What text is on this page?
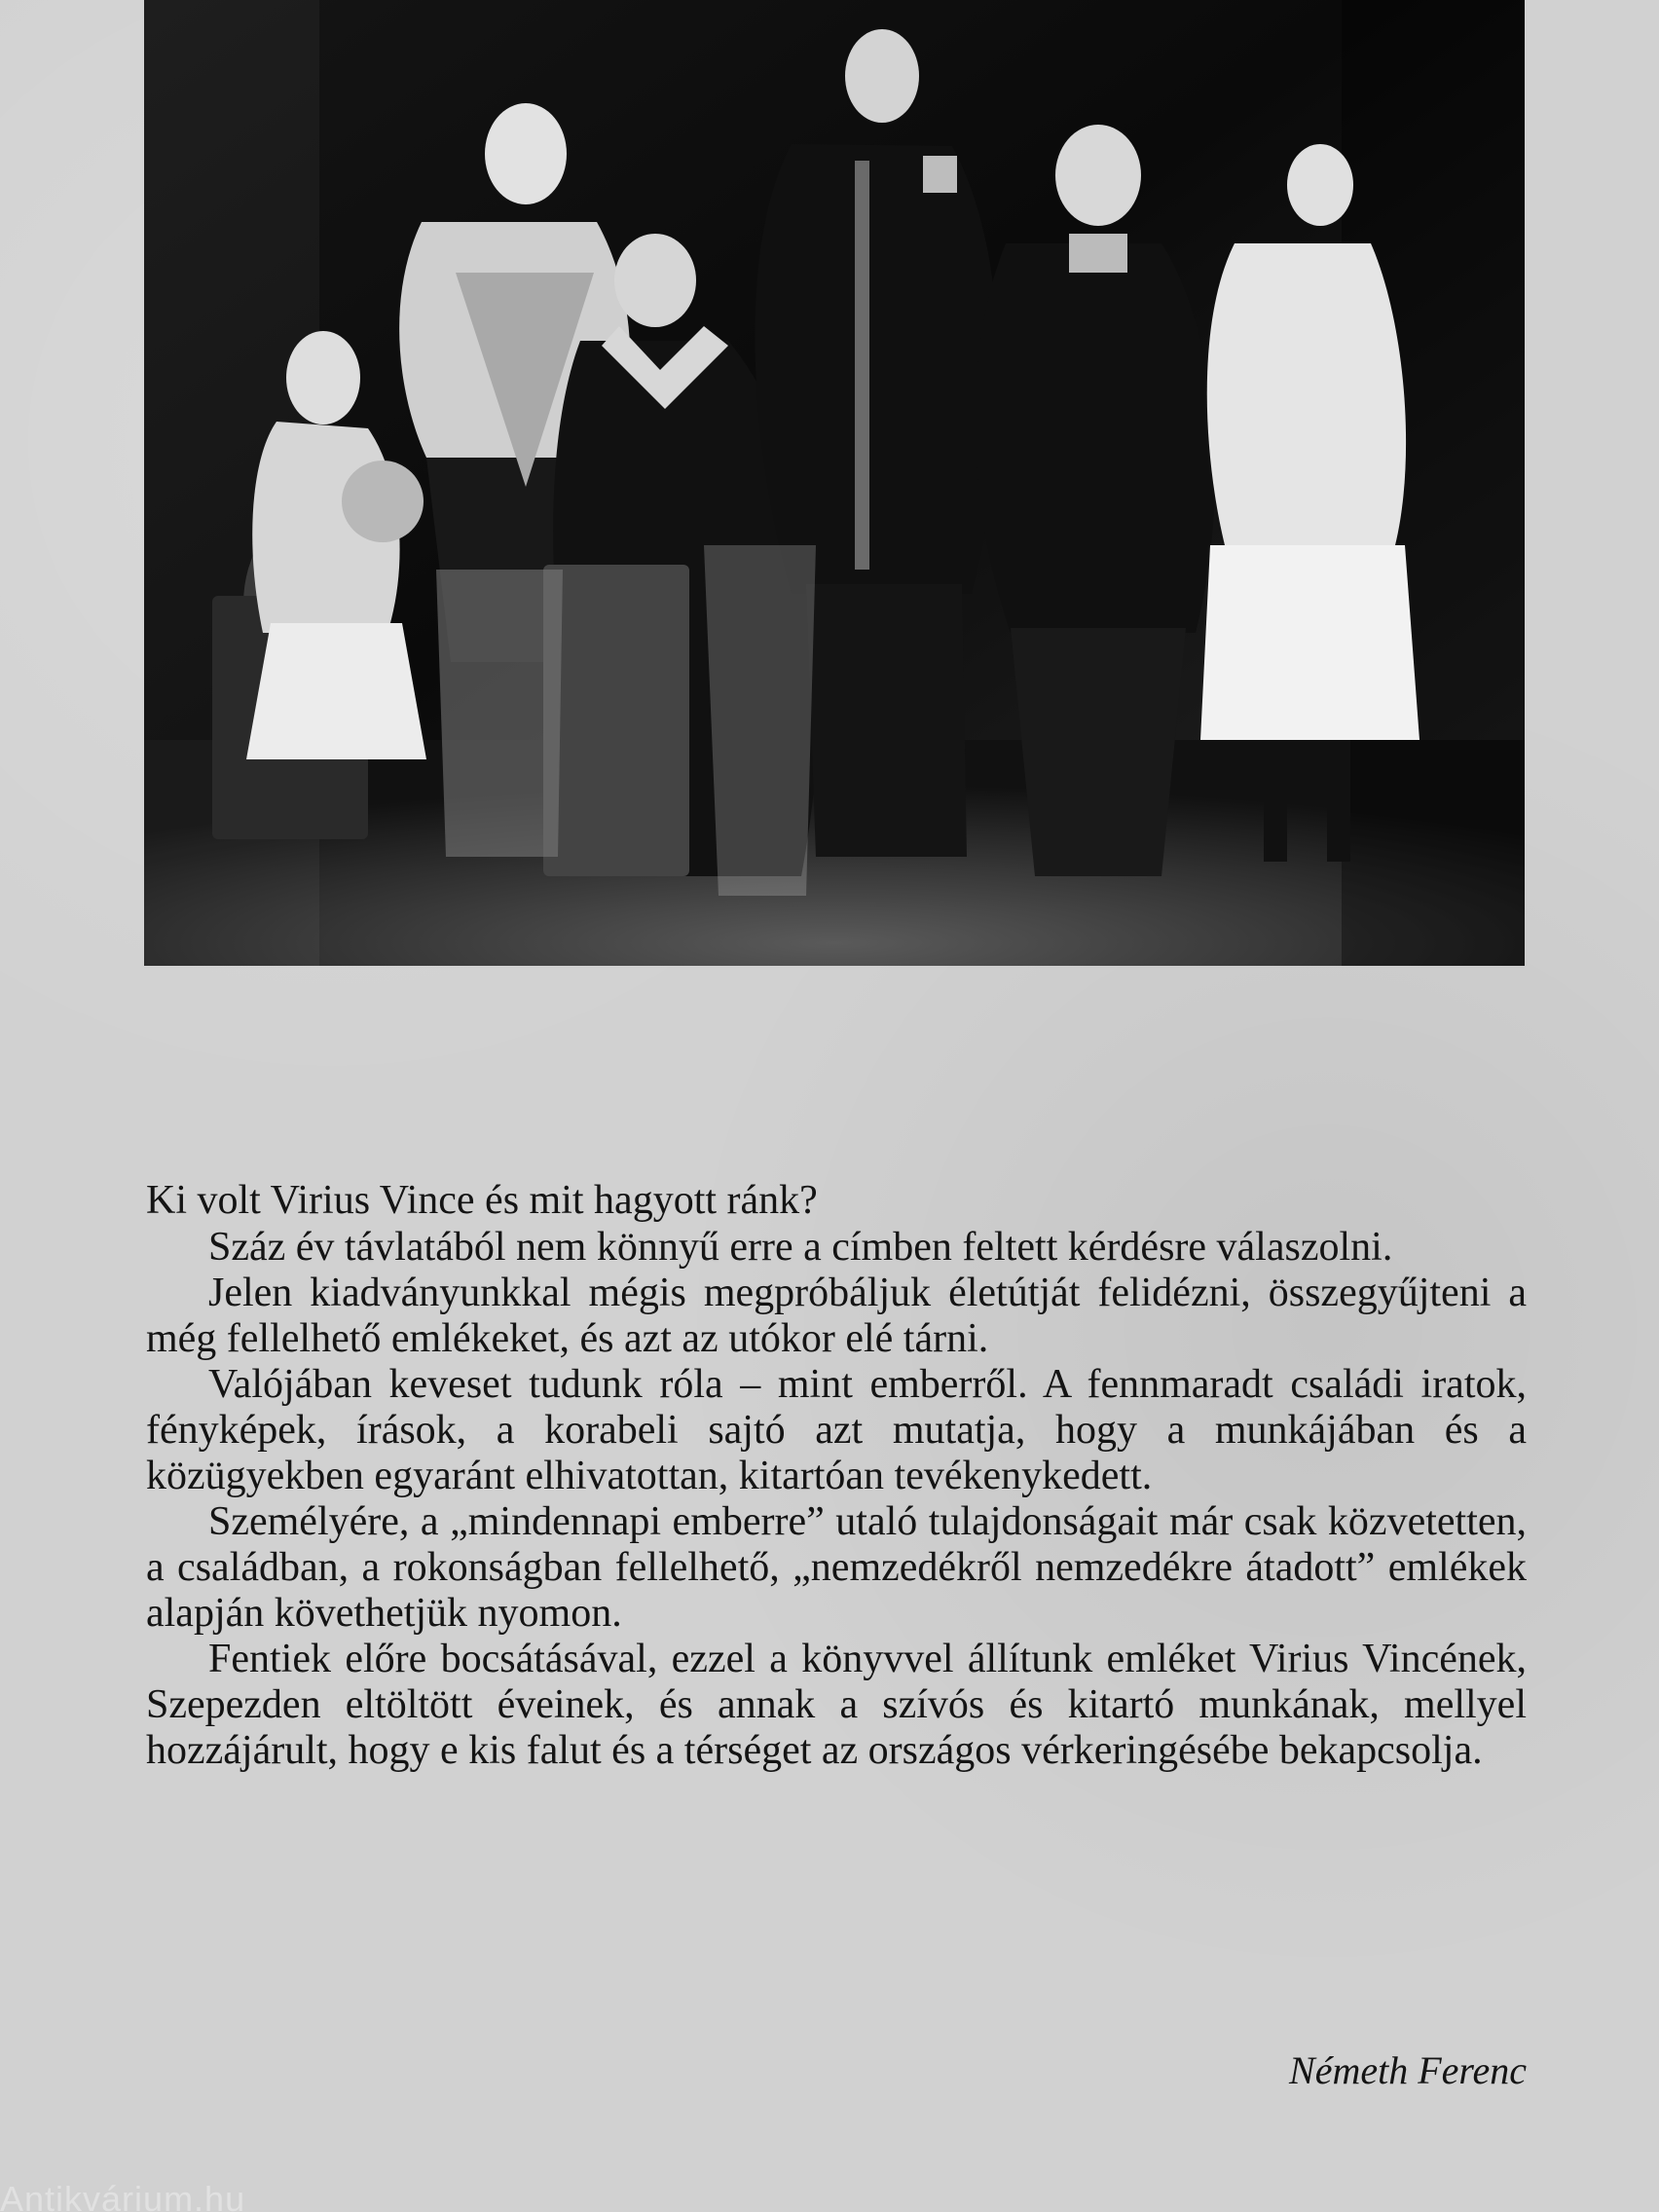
Ki volt Virius Vince és mit hagyott ránk?

Száz év távlatából nem könnyű erre a címben feltett kérdésre válaszolni.

Jelen kiadványunkkal mégis megpróbáljuk életútját felidézni, összegyűjteni a még fellelhető emlékeket, és azt az utókor elé tárni.

Valójában keveset tudunk róla – mint emberről. A fennmaradt családi iratok, fényképek, írások, a korabeli sajtó azt mutatja, hogy a munkájában és a közügyekben egyaránt elhivatottan, kitartóan tevékenykedett.

Személyére, a „mindennapi emberre” utaló tulajdonságait már csak közvetetten, a családban, a rokonságban fellelhető, „nemzedékről nemzedékre átadott” emlékek alapján követhetjük nyomon.

Fentiek előre bocsátásával, ezzel a könyvvel állítunk emléket Virius Vincének, Szepezden eltöltött éveinek, és annak a szívós és kitartó munkának, mellyel hozzájárult, hogy e kis falut és a térséget az országos vérkeringésébe bekapcsolja.

Németh Ferenc
Antikvárium.hu
